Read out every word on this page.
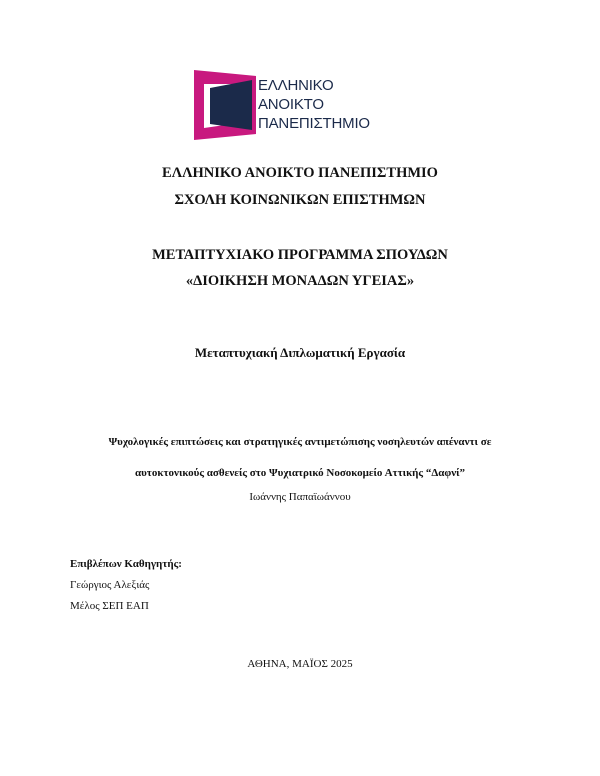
ΕΛΛΗΝΙΚΟ
ΑΝΟΙΚΤΟ
ΠΑΝΕΠΙΣΤΗΜΙΟ
ΕΛΛΗΝΙΚΟ ΑΝΟΙΚΤΟ ΠΑΝΕΠΙΣΤΗΜΙΟ
ΣΧΟΛΗ ΚΟΙΝΩΝΙΚΩΝ ΕΠΙΣΤΗΜΩΝ
ΜΕΤΑΠΤΥΧΙΑΚΟ ΠΡΟΓΡΑΜΜΑ ΣΠΟΥΔΩΝ
«ΔΙΟΙΚΗΣΗ ΜΟΝΑΔΩΝ ΥΓΕΙΑΣ»
Μεταπτυχιακή Διπλωματική Εργασία
Ψυχολογικές επιπτώσεις και στρατηγικές αντιμετώπισης νοσηλευτών απέναντι σε
αυτοκτονικούς ασθενείς στο Ψυχιατρικό Νοσοκομείο Αττικής “Δαφνί”
Ιωάννης Παπαϊωάννου
Επιβλέπων Καθηγητής:
Γεώργιος Αλεξιάς
Μέλος ΣΕΠ ΕΑΠ
ΑΘΗΝΑ, ΜΑΪΟΣ 2025
